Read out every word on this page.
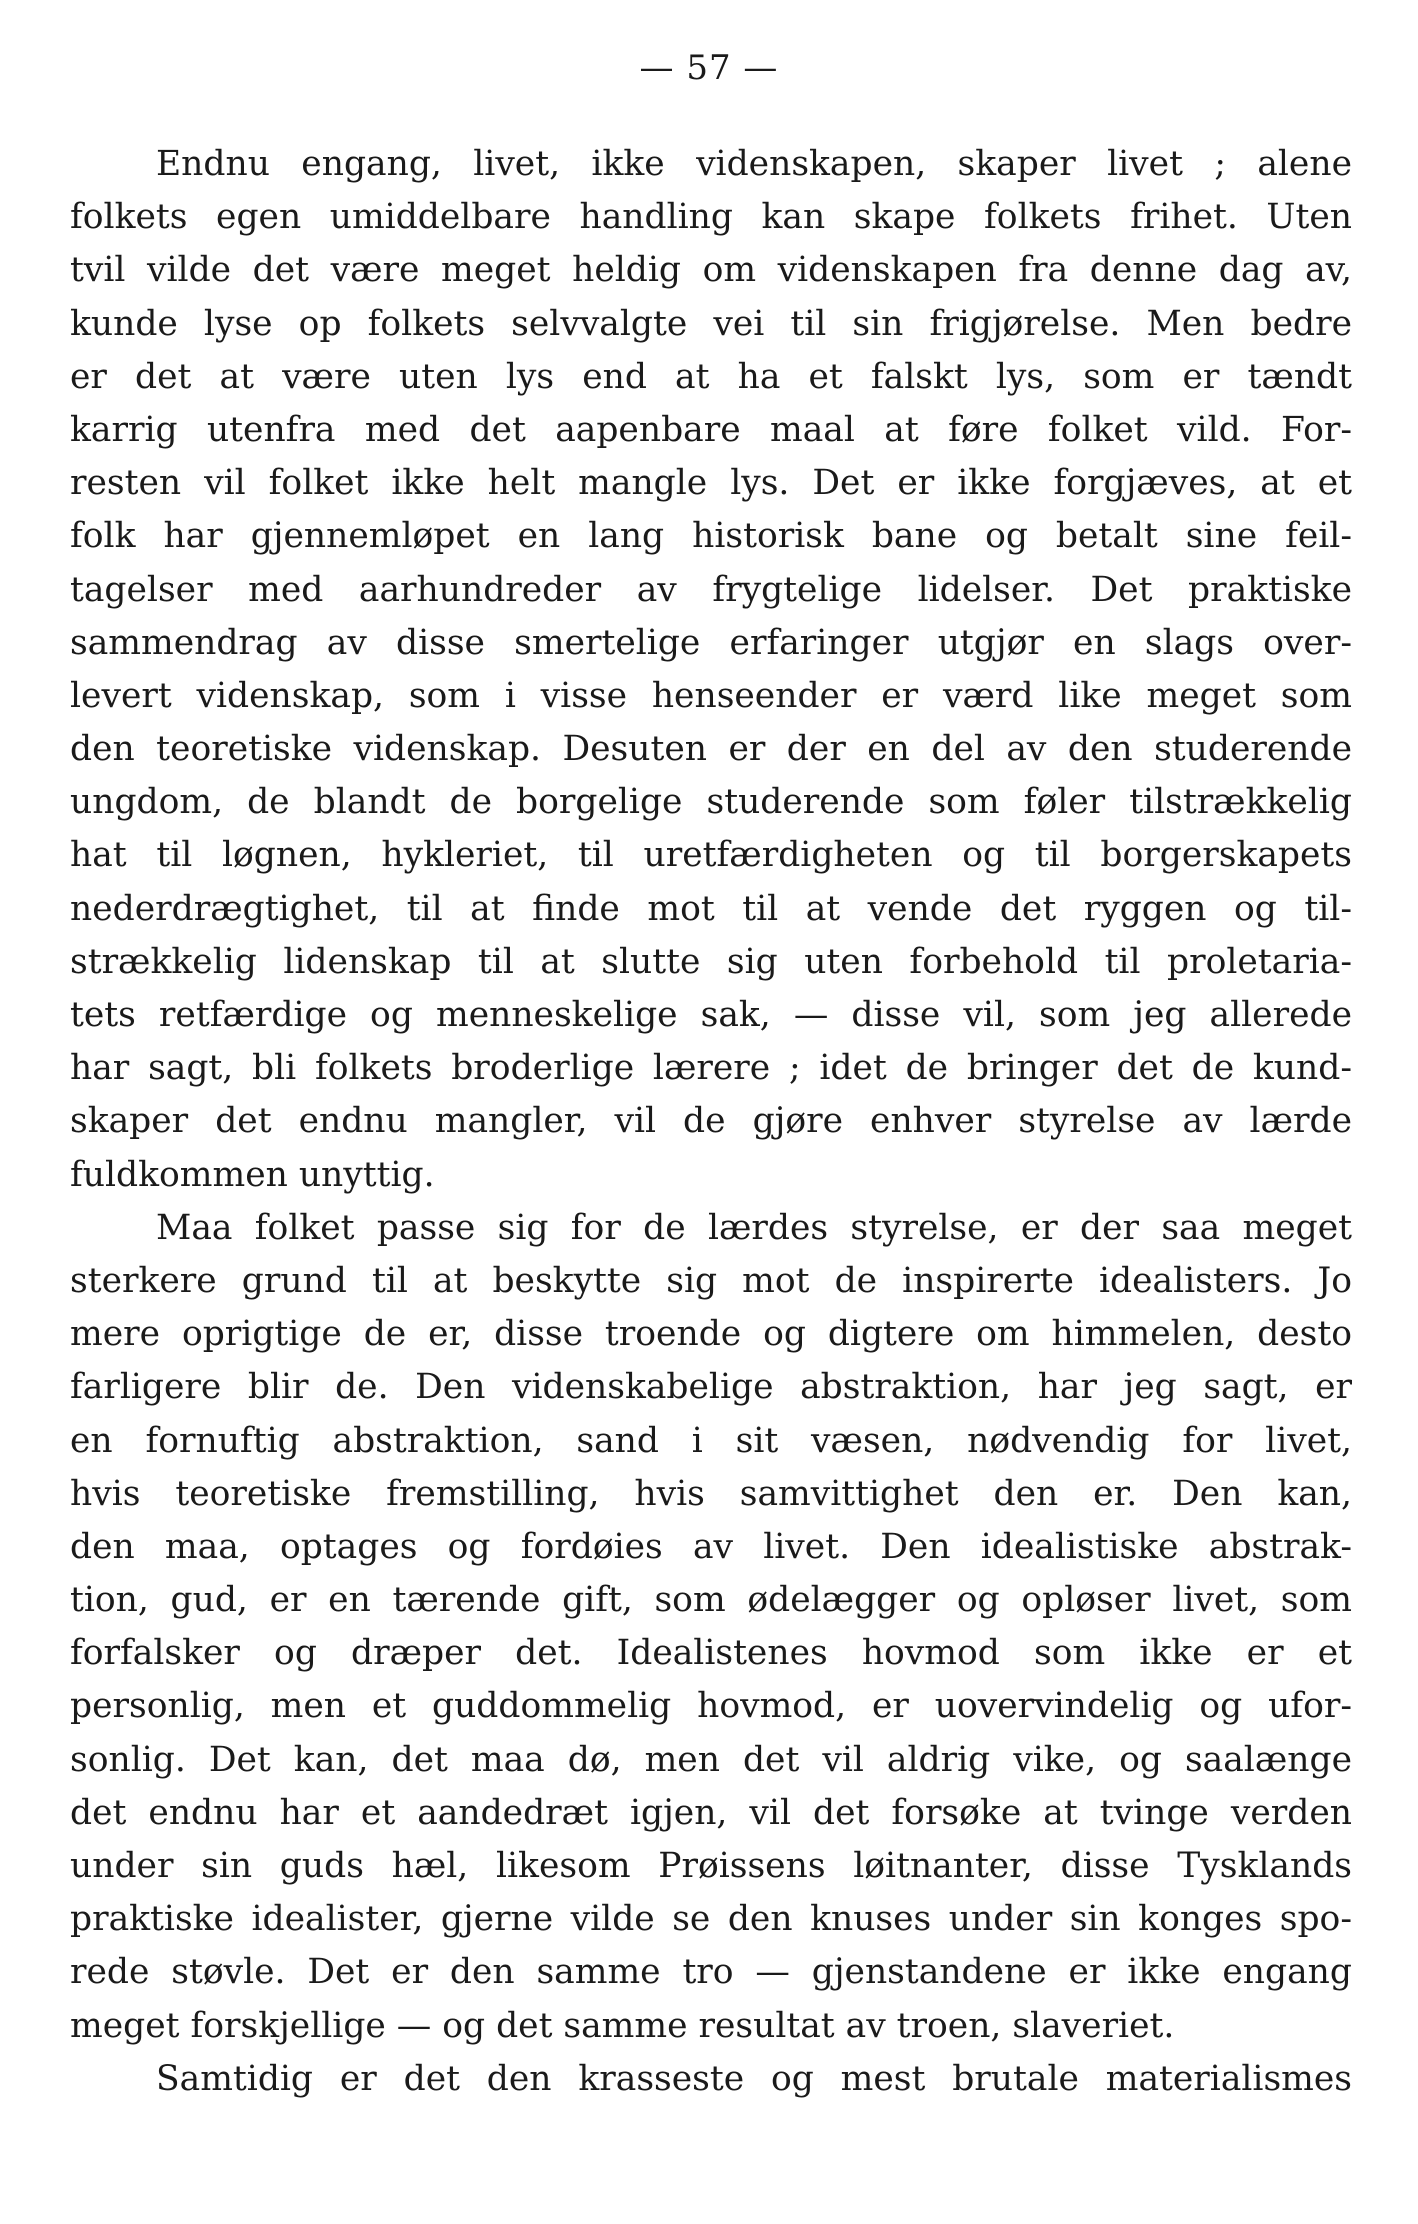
— 57 —
Endnu engang, livet, ikke videnskapen, skaper livet ; alene
folkets egen umiddelbare handling kan skape folkets frihet. Uten
tvil vilde det være meget heldig om videnskapen fra denne dag av,
kunde lyse op folkets selvvalgte vei til sin frigjørelse. Men bedre
er det at være uten lys end at ha et falskt lys, som er tændt
karrig utenfra med det aapenbare maal at føre folket vild. For-
resten vil folket ikke helt mangle lys. Det er ikke forgjæves, at et
folk har gjennemløpet en lang historisk bane og betalt sine feil-
tagelser med aarhundreder av frygtelige lidelser. Det praktiske
sammendrag av disse smertelige erfaringer utgjør en slags over-
levert videnskap, som i visse henseender er værd like meget som
den teoretiske videnskap. Desuten er der en del av den studerende
ungdom, de blandt de borgelige studerende som føler tilstrækkelig
hat til løgnen, hykleriet, til uretfærdigheten og til borgerskapets
nederdrægtighet, til at finde mot til at vende det ryggen og til-
strækkelig lidenskap til at slutte sig uten forbehold til proletaria-
tets retfærdige og menneskelige sak, — disse vil, som jeg allerede
har sagt, bli folkets broderlige lærere ; idet de bringer det de kund-
skaper det endnu mangler, vil de gjøre enhver styrelse av lærde
fuldkommen unyttig.
Maa folket passe sig for de lærdes styrelse, er der saa meget
sterkere grund til at beskytte sig mot de inspirerte idealisters. Jo
mere oprigtige de er, disse troende og digtere om himmelen, desto
farligere blir de. Den videnskabelige abstraktion, har jeg sagt, er
en fornuftig abstraktion, sand i sit væsen, nødvendig for livet,
hvis teoretiske fremstilling, hvis samvittighet den er. Den kan,
den maa, optages og fordøies av livet. Den idealistiske abstrak-
tion, gud, er en tærende gift, som ødelægger og opløser livet, som
forfalsker og dræper det. Idealistenes hovmod som ikke er et
personlig, men et guddommelig hovmod, er uovervindelig og ufor-
sonlig. Det kan, det maa dø, men det vil aldrig vike, og saalænge
det endnu har et aandedræt igjen, vil det forsøke at tvinge verden
under sin guds hæl, likesom Prøissens løitnanter, disse Tysklands
praktiske idealister, gjerne vilde se den knuses under sin konges spo-
rede støvle. Det er den samme tro — gjenstandene er ikke engang
meget forskjellige — og det samme resultat av troen, slaveriet.
Samtidig er det den krasseste og mest brutale materialismes
